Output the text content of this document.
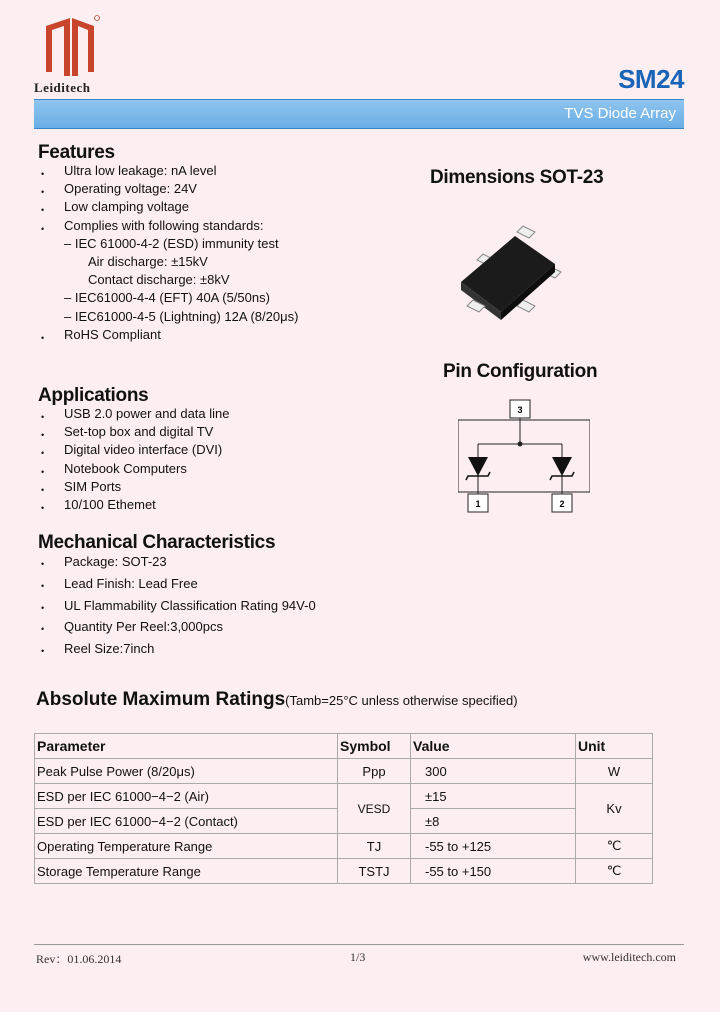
Leiditech	SM24
TVS Diode Array
Features
• Ultra low leakage: nA level
• Operating voltage: 24V
• Low clamping voltage
• Complies with following standards:
– IEC 61000-4-2 (ESD) immunity test
Air discharge: ±15kV
Contact discharge: ±8kV
– IEC61000-4-4 (EFT) 40A (5/50ns)
– IEC61000-4-5 (Lightning) 12A (8/20μs)
• RoHS Compliant
Dimensions SOT-23
Pin Configuration
3
1	2
Applications
• USB 2.0 power and data line
• Set-top box and digital TV
• Digital video interface (DVI)
• Notebook Computers
• SIM Ports
• 10/100 Ethemet
Mechanical Characteristics
• Package: SOT-23
• Lead Finish: Lead Free
• UL Flammability Classification Rating 94V-0
• Quantity Per Reel:3,000pcs
• Reel Size:7inch
Absolute Maximum Ratings(Tamb=25°C unless otherwise specified)
Parameter	Symbol	Value	Unit
Peak Pulse Power (8/20μs)	Ppp	300	W
ESD per IEC 61000−4−2 (Air)	VESD	±15	Kv
ESD per IEC 61000−4−2 (Contact)		±8	
Operating Temperature Range	TJ	-55 to +125	℃
Storage Temperature Range	TSTJ	-55 to +150	℃
Rev：01.06.2014	1/3	www.leiditech.com
